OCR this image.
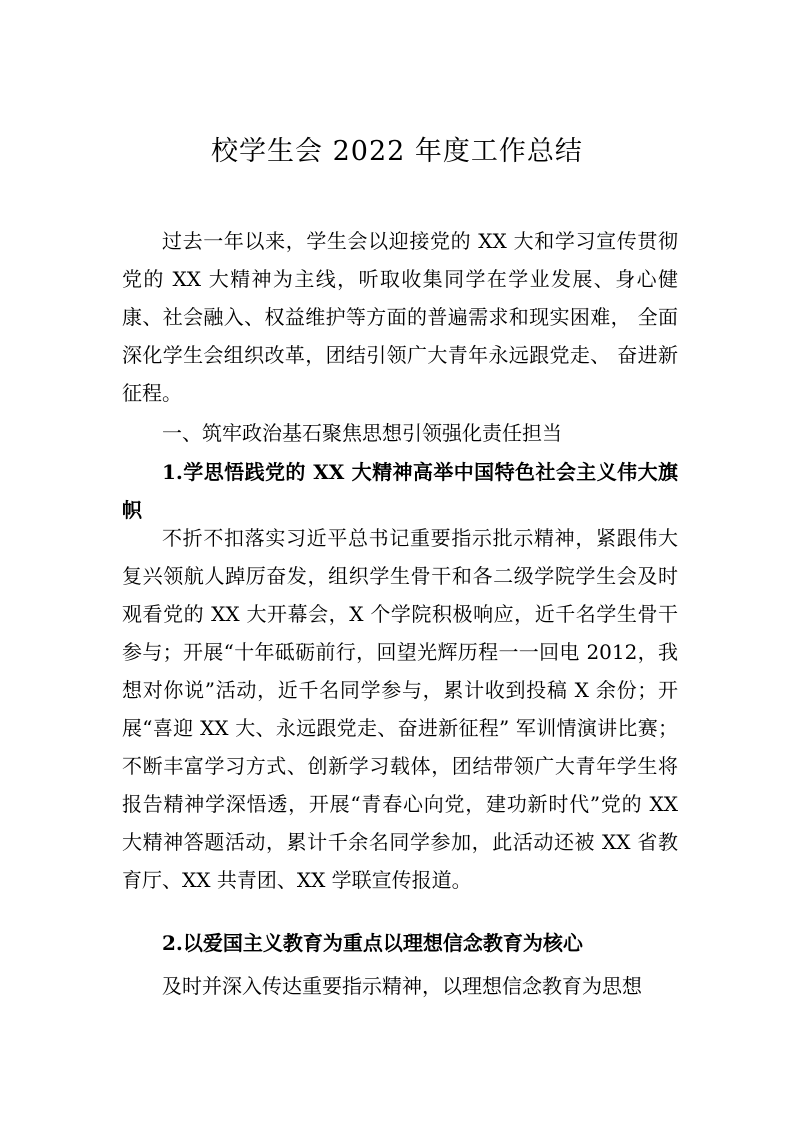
校学生会 2022 年度工作总结

过去一年以来，学生会以迎接党的 XX 大和学习宣传贯彻党的 XX 大精神为主线，听取收集同学在学业发展、身心健康、社会融入、权益维护等方面的普遍需求和现实困难， 全面深化学生会组织改革，团结引领广大青年永远跟党走、 奋进新征程。

一、筑牢政治基石聚焦思想引领强化责任担当

1.学思悟践党的 XX 大精神高举中国特色社会主义伟大旗帜

不折不扣落实习近平总书记重要指示批示精神，紧跟伟大复兴领航人踔厉奋发，组织学生骨干和各二级学院学生会及时观看党的 XX 大开幕会，X 个学院积极响应，近千名学生骨干参与；开展“十年砥砺前行，回望光辉历程一一回电 2012，我想对你说”活动，近千名同学参与，累计收到投稿 X 余份；开展“喜迎 XX 大、永远跟党走、奋进新征程” 军训情演讲比赛；不断丰富学习方式、创新学习载体，团结带领广大青年学生将报告精神学深悟透，开展“青春心向党，建功新时代”党的 XX 大精神答题活动，累计千余名同学参加，此活动还被 XX 省教育厅、XX 共青团、XX 学联宣传报道。

2.以爱国主义教育为重点以理想信念教育为核心

及时并深入传达重要指示精神，以理想信念教育为思想
